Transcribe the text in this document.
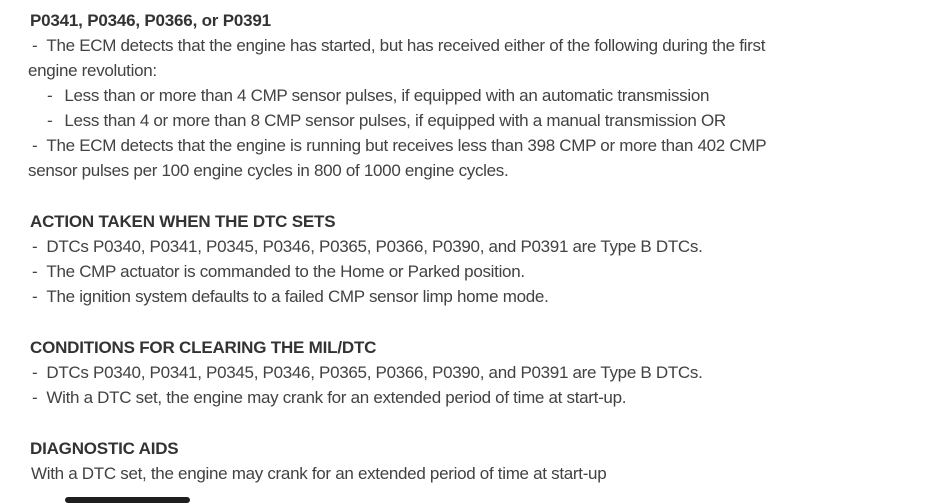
P0341, P0346, P0366, or P0391

- The ECM detects that the engine has started, but has received either of the following during the first engine revolution:

- Less than or more than 4 CMP sensor pulses, if equipped with an automatic transmission

- Less than 4 or more than 8 CMP sensor pulses, if equipped with a manual transmission OR

- The ECM detects that the engine is running but receives less than 398 CMP or more than 402 CMP sensor pulses per 100 engine cycles in 800 of 1000 engine cycles.

ACTION TAKEN WHEN THE DTC SETS

- DTCs P0340, P0341, P0345, P0346, P0365, P0366, P0390, and P0391 are Type B DTCs.

- The CMP actuator is commanded to the Home or Parked position.

- The ignition system defaults to a failed CMP sensor limp home mode.

CONDITIONS FOR CLEARING THE MIL/DTC

- DTCs P0340, P0341, P0345, P0346, P0365, P0366, P0390, and P0391 are Type B DTCs.

- With a DTC set, the engine may crank for an extended period of time at start-up.

DIAGNOSTIC AIDS

With a DTC set, the engine may crank for an extended period of time at start-up
